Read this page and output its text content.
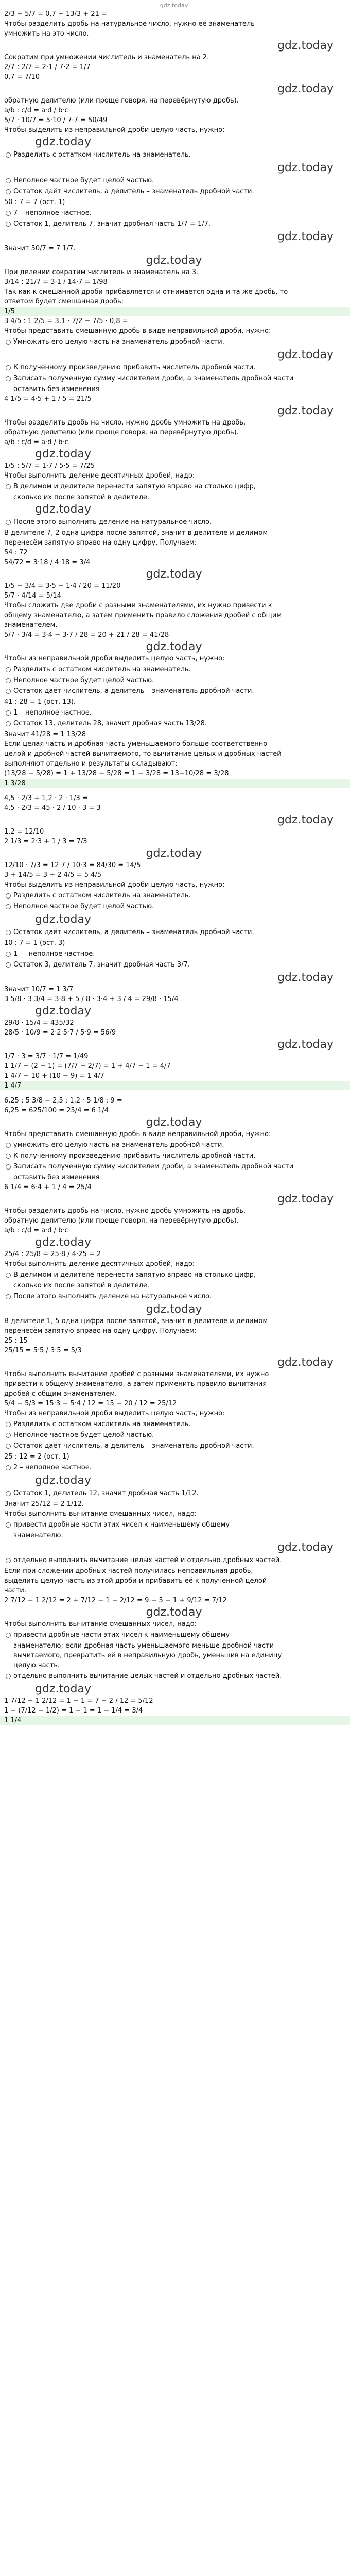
gdz.today
2/3 + 5/7 = 0,7 + 13/3 + 21 =
Чтобы разделить дробь на натуральное число, нужно её знаменатель
умножить на это число.
gdz.today
Сократим при умножении числитель и знаменатель на 2.
2/7 : 2/7 = 2·1 / 7·2 = 1/7
0,7 = 7/10
gdz.today
обратную делителю (или проще говоря, на перевёрнутую дробь).
a/b : c/d = a·d / b·c
5/7 · 10/7 = 5·10 / 7·7 = 50/49
Чтобы выделить из неправильной дроби целую часть, нужно:
gdz.today
Разделить с остатком числитель на знаменатель.
gdz.today
Неполное частное будет целой частью.
Остаток даёт числитель, а делитель – знаменатель дробной части.
50 : 7 = 7 (ост. 1)
7 – неполное частное.
Остаток 1, делитель 7, значит дробная часть 1/7 = 1/7.
gdz.today
Значит 50/7 = 7 1/7.
gdz.today
При делении сократим числитель и знаменатель на 3.
3/14 : 21/7 = 3·1 / 14·7 = 1/98
Так как к смешанной дроби прибавляется и отнимается одна и та же дробь, то
ответом будет смешанная дробь:
1/5
3 4/5 : 1 2/5 = 3,1 · 7/2 − 7/5 · 0,8 =
Чтобы представить смешанную дробь в виде неправильной дроби, нужно:
Умножить его целую часть на знаменатель дробной части.
gdz.today
К полученному произведению прибавить числитель дробной части.
Записать полученную сумму числителем дроби, а знаменатель дробной части
оставить без изменения
4 1/5 = 4·5 + 1 / 5 = 21/5
gdz.today
Чтобы разделить дробь на число, нужно дробь умножить на дробь,
обратную делителю (или проще говоря, на перевёрнутую дробь).
a/b : c/d = a·d / b·c
gdz.today
1/5 : 5/7 = 1·7 / 5·5 = 7/25
Чтобы выполнить деление десятичных дробей, надо:
В делимом и делителе перенести запятую вправо на столько цифр,
сколько их после запятой в делителе.
gdz.today
После этого выполнить деление на натуральное число.
В делителе 7, 2 одна цифра после запятой, значит в делителе и делимом
перенесём запятую вправо на одну цифру. Получаем:
54 : 72
54/72 = 3·18 / 4·18 = 3/4
gdz.today
1/5 − 3/4 = 3·5 − 1·4 / 20 = 11/20
5/7 · 4/14 = 5/14
Чтобы сложить две дроби с разными знаменателями, их нужно привести к
общему знаменателю, а затем применить правило сложения дробей с общим
знаменателем.
5/7 · 3/4 = 3·4 − 3·7 / 28 = 20 + 21 / 28 = 41/28
gdz.today
Чтобы из неправильной дроби выделить целую часть, нужно:
Разделить с остатком числитель на знаменатель.
Неполное частное будет целой частью.
Остаток даёт числитель, а делитель – знаменатель дробной части.
41 : 28 = 1 (ост. 13).
1 – неполное частное.
Остаток 13, делитель 28, значит дробная часть 13/28.
Значит 41/28 = 1 13/28
Если целая часть и дробная часть уменьшаемого больше соответственно
целой и дробной частей вычитаемого, то вычитание целых и дробных частей
выполняют отдельно и результаты складывают:
(13/28 − 5/28) = 1 + 13/28 − 5/28 = 1 − 3/28 = 13−10/28 = 3/28
1 3/28
4,5 · 2/3 + 1,2 · 2 · 1/3 =
4,5 · 2/3 = 45 · 2 / 10 · 3 = 3
gdz.today
1,2 = 12/10
2 1/3 = 2·3 + 1 / 3 = 7/3
gdz.today
12/10 · 7/3 = 12·7 / 10·3 = 84/30 = 14/5
3 + 14/5 = 3 + 2 4/5 = 5 4/5
Чтобы выделить из неправильной дроби целую часть, нужно:
Разделить с остатком числитель на знаменатель.
Неполное частное будет целой частью.
gdz.today
Остаток даёт числитель, а делитель – знаменатель дробной части.
10 : 7 = 1 (ост. 3)
1 — неполное частное.
Остаток 3, делитель 7, значит дробная часть 3/7.
gdz.today
Значит 10/7 = 1 3/7
3 5/8 · 3 3/4 = 3·8 + 5 / 8 · 3·4 + 3 / 4 = 29/8 · 15/4
gdz.today
29/8 · 15/4 = 435/32
28/5 · 10/9 = 2·2·5·7 / 5·9 = 56/9
gdz.today
1/7 · 3 = 3/7 · 1/7 = 1/49
1 1/7 − (2 − 1) = (7/7 − 2/7) = 1 + 4/7 − 1 = 4/7
1 4/7 − 10 + (10 − 9) = 1 4/7
1 4/7
6,25 : 5 3/8 − 2,5 : 1,2 · 5 1/8 : 9 =
6,25 = 625/100 = 25/4 = 6 1/4
gdz.today
Чтобы представить смешанную дробь в виде неправильной дроби, нужно:
умножить его целую часть на знаменатель дробной части.
К полученному произведению прибавить числитель дробной части.
Записать полученную сумму числителем дроби, а знаменатель дробной части
оставить без изменения
6 1/4 = 6·4 + 1 / 4 = 25/4
gdz.today
Чтобы разделить дробь на число, нужно дробь умножить на дробь,
обратную делителю (или проще говоря, на перевёрнутую дробь).
a/b : c/d = a·d / b·c
gdz.today
25/4 : 25/8 = 25·8 / 4·25 = 2
Чтобы выполнить деление десятичных дробей, надо:
В делимом и делителе перенести запятую вправо на столько цифр,
сколько их после запятой в делителе.
После этого выполнить деление на натуральное число.
gdz.today
В делителе 1, 5 одна цифра после запятой, значит в делителе и делимом
перенесём запятую вправо на одну цифру. Получаем:
25 : 15
25/15 = 5·5 / 3·5 = 5/3
gdz.today
Чтобы выполнить вычитание дробей с разными знаменателями, их нужно
привести к общему знаменателю, а затем применить правило вычитания
дробей с общим знаменателем.
5/4 − 5/3 = 15·3 − 5·4 / 12 = 15 − 20 / 12 = 25/12
Чтобы из неправильной дроби выделить целую часть, нужно:
Разделить с остатком числитель на знаменатель.
Неполное частное будет целой частью.
Остаток даёт числитель, а делитель – знаменатель дробной части.
25 : 12 = 2 (ост. 1)
2 – неполное частное.
gdz.today
Остаток 1, делитель 12, значит дробная часть 1/12.
Значит 25/12 = 2 1/12.
Чтобы выполнить вычитание смешанных чисел, надо:
привести дробные части этих чисел к наименьшему общему
знаменателю.
gdz.today
отдельно выполнить вычитание целых частей и отдельно дробных частей.
Если при сложении дробных частей получилась неправильная дробь,
выделить целую часть из этой дроби и прибавить её к полученной целой
части.
2 7/12 − 1 2/12 = 2 + 7/12 − 1 − 2/12 = 9 − 5 − 1 + 9/12 = 7/12
gdz.today
Чтобы выполнить вычитание смешанных чисел, надо:
привести дробные части этих чисел к наименьшему общему
знаменателю; если дробная часть уменьшаемого меньше дробной части
вычитаемого, превратить её в неправильную дробь, уменьшив на единицу
целую часть.
отдельно выполнить вычитание целых частей и отдельно дробных частей.
gdz.today
1 7/12 − 1 2/12 = 1 − 1 = 7 − 2 / 12 = 5/12
1 − (7/12 − 1/2) = 1 − 1 = 1 − 1/4 = 3/4
1 1/4
